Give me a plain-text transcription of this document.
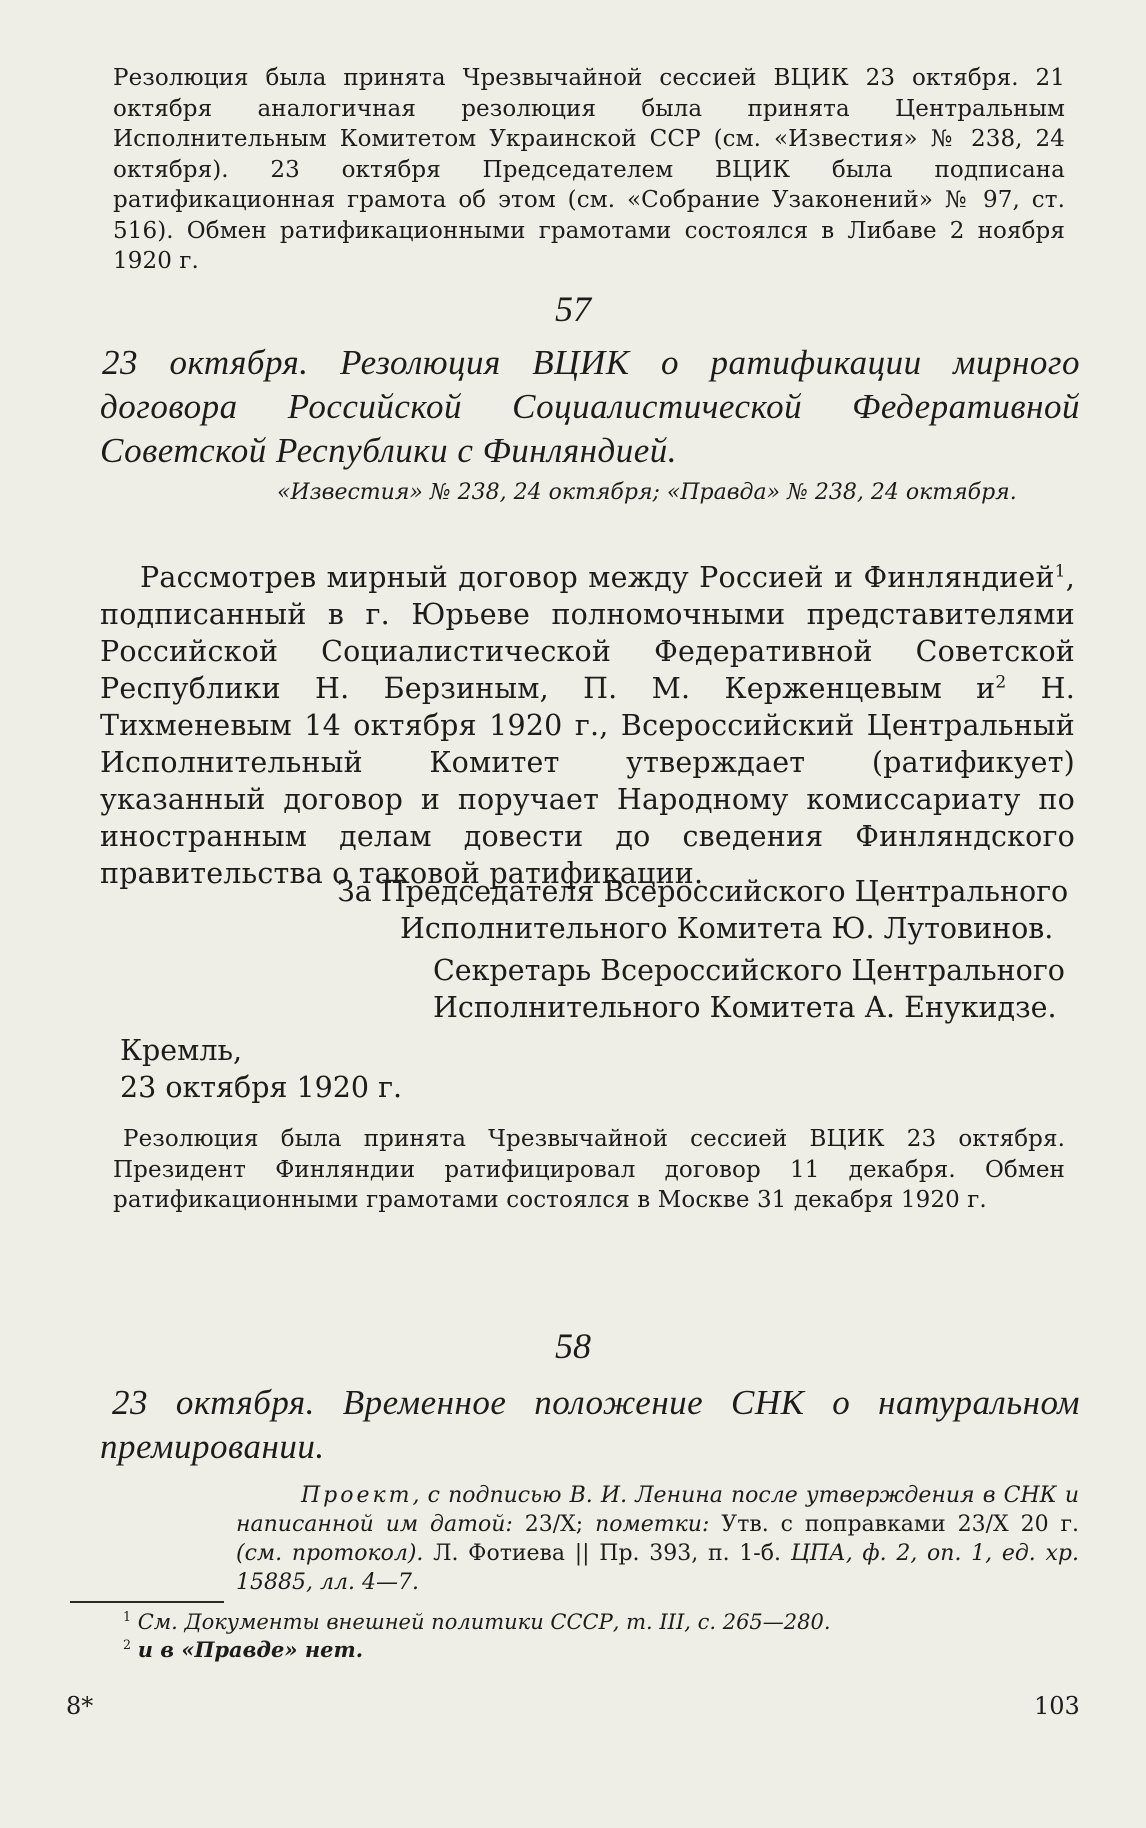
Резолюция была принята Чрезвычайной сессией ВЦИК 23 октября. 21 октября аналогичная резолюция была принята Центральным Исполнительным Комитетом Украинской ССР (см. «Известия» № 238, 24 октября). 23 октября Председателем ВЦИК была подписана ратификационная грамота об этом (см. «Собрание Узаконений» № 97, ст. 516). Обмен ратификационными грамотами состоялся в Либаве 2 ноября 1920 г.

57
23 октября. Резолюция ВЦИК о ратификации мирного договора Российской Социалистической Федеративной Советской Республики с Финляндией.
«Известия» № 238, 24 октября; «Правда» № 238, 24 октября.

Рассмотрев мирный договор между Россией и Финляндией$^1$, подписанный в г. Юрьеве полномочными представителями Российской Социалистической Федеративной Советской Республики Н. Берзиным, П. М. Керженцевым $и^2$ Н. Тихменевым 14 октября 1920 г., Всероссийский Центральный Исполнительный Комитет утверждает (ратификует) указанный договор и поручает Народному комиссариату по иностранным делам довести до сведения Финляндского правительства о таковой ратификации.

За Председателя Всероссийского Центрального
Исполнительного Комитета Ю. Лутовинов.
Секретарь Всероссийского Центрального
Исполнительного Комитета А. Енукидзе.
Кремль,
23 октября 1920 г.

Резолюция была принята Чрезвычайной сессией ВЦИК 23 октября. Президент Финляндии ратифицировал договор 11 декабря. Обмен ратификационными грамотами состоялся в Москве 31 декабря 1920 г.

58
23 октября. Временное положение СНК о натуральном премировании.
Проект, с подписью В. И. Ленина после утверждения в СНК и написанной им датой: 23/X; пометки: Утв. с поправками 23/X 20 г. (см. протокол). Л. Фотиева || Пр. 393, п. 1-б. ЦПА, ф. 2, оп. 1, ед. хр. 15885, лл. 4—7.
$^1$ См. Документы внешней политики СССР, т. III, с. 265—280.
$^2$ и в «Правде» нет.
8*	103
